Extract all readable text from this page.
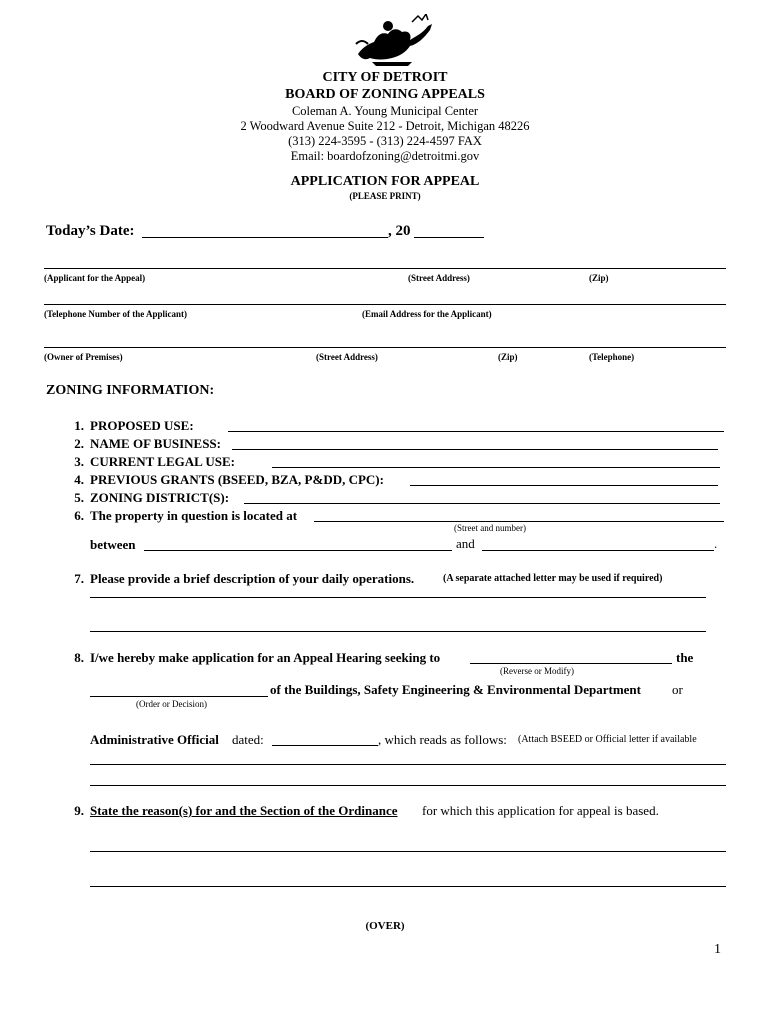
CITY OF DETROIT
BOARD OF ZONING APPEALS
Coleman A. Young Municipal Center
2 Woodward Avenue Suite 212 - Detroit, Michigan 48226
(313) 224-3595 - (313) 224-4597 FAX
Email: boardofzoning@detroitmi.gov
APPLICATION FOR APPEAL
(PLEASE PRINT)
Today’s Date:	, 20
(Applicant for the Appeal)	(Street Address)	(Zip)
(Telephone Number of the Applicant)	(Email Address for the Applicant)
(Owner of Premises)	(Street Address)	(Zip)	(Telephone)
ZONING INFORMATION:
1. PROPOSED USE:
2. NAME OF BUSINESS:
3. CURRENT LEGAL USE:
4. PREVIOUS GRANTS (BSEED, BZA, P&DD, CPC):
5. ZONING DISTRICT(S):
6. The property in question is located at
(Street and number)
between	and	.
7. Please provide a brief description of your daily operations.	(A separate attached letter may be used if required)
8. I/we hereby make application for an Appeal Hearing seeking to	the
(Reverse or Modify)
of the Buildings, Safety Engineering & Environmental Department or
(Order or Decision)
Administrative Official dated:	, which reads as follows: (Attach BSEED or Official letter if available
9. State the reason(s) for and the Section of the Ordinance for which this application for appeal is based.
(OVER)
1
